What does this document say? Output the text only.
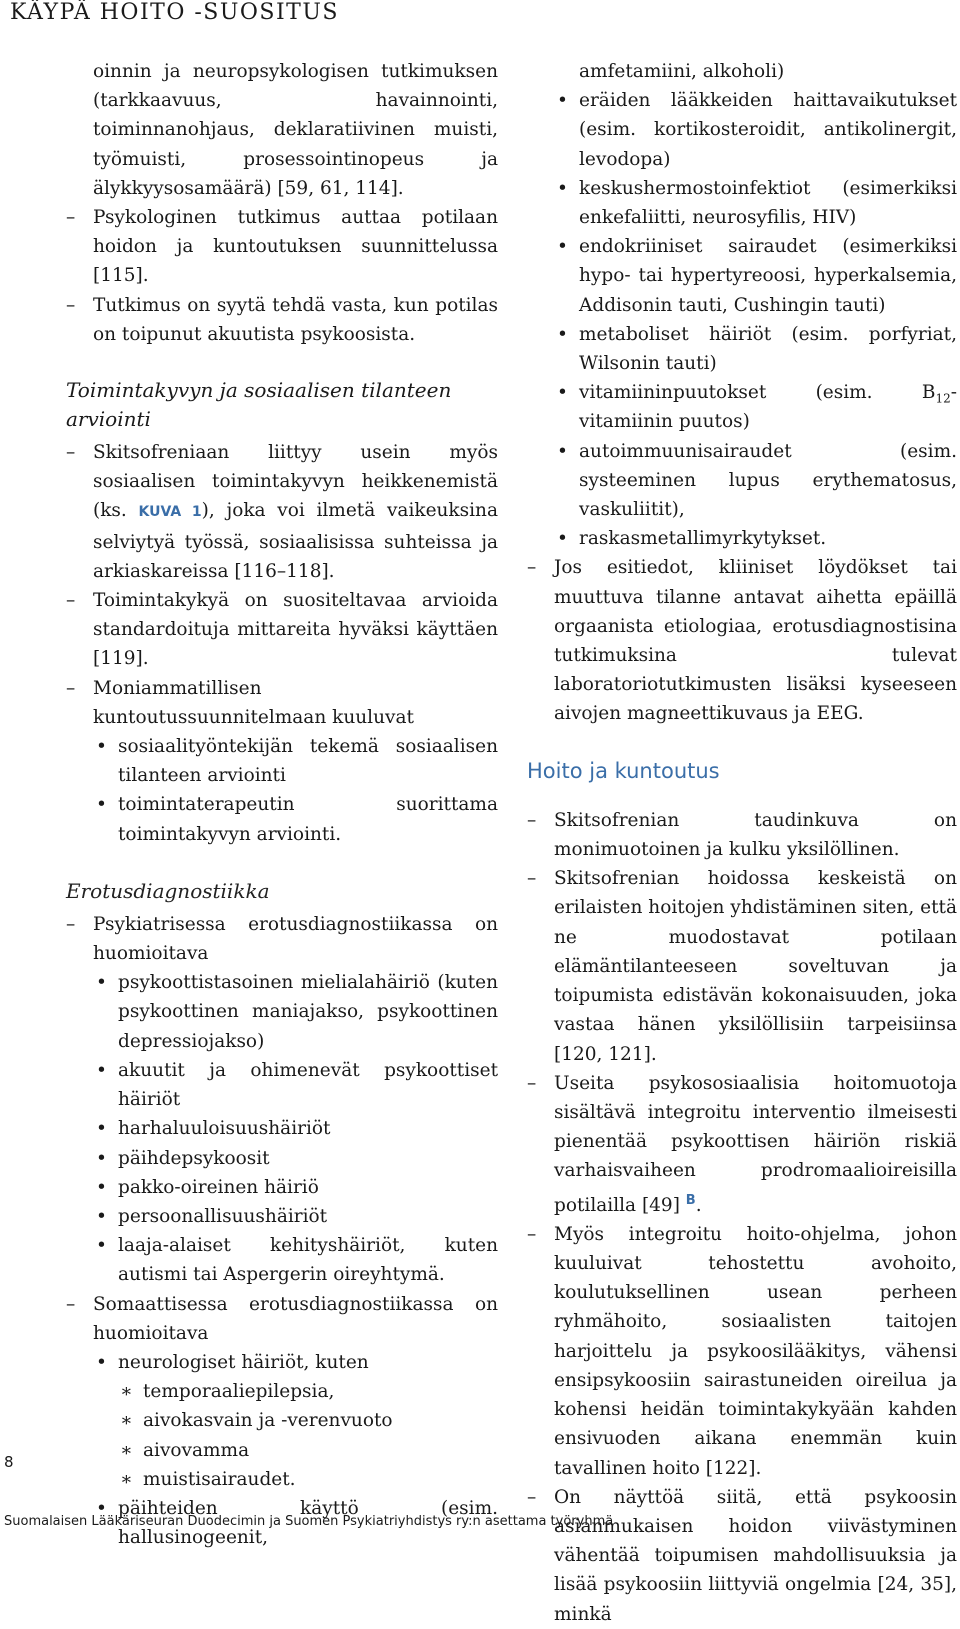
KÄYPÄ HOITO -SUOSITUS
oinnin ja neuropsykologisen tutkimuksen (tarkkaavuus, havainnointi, toiminnanohjaus, deklaratiivinen muisti, työmuisti, prosessointinopeus ja älykkyysosamäärä) [59, 61, 114].
– Psykologinen tutkimus auttaa potilaan hoidon ja kuntoutuksen suunnittelussa [115].
– Tutkimus on syytä tehdä vasta, kun potilas on toipunut akuutista psykoosista.
Toimintakyvyn ja sosiaalisen tilanteen arviointi
– Skitsofreniaan liittyy usein myös sosiaalisen toimintakyvyn heikkenemistä (ks. KUVA 1), joka voi ilmetä vaikeuksina selviytyä työssä, sosiaalisissa suhteissa ja arkiaskareissa [116–118].
– Toimintakykyä on suositeltavaa arvioida standardoituja mittareita hyväksi käyttäen [119].
– Moniammatillisen kuntoutussuunnitelmaan kuuluvat
• sosiaalityöntekijän tekemä sosiaalisen tilanteen arviointi
• toimintaterapeutin suorittama toimintakyvyn arviointi.
Erotusdiagnostiikka
– Psykiatrisessa erotusdiagnostiikassa on huomioitava
• psykoottistasoinen mielialahäiriö (kuten psykoottinen maniajakso, psykoottinen depressiojakso)
• akuutit ja ohimenevät psykoottiset häiriöt
• harhaluuloisuushäiriöt
• päihdepsykoosit
• pakko-oireinen häiriö
• persoonallisuushäiriöt
• laaja-alaiset kehityshäiriöt, kuten autismi tai Aspergerin oireyhtymä.
– Somaattisessa erotusdiagnostiikassa on huomioitava
• neurologiset häiriöt, kuten
∗ temporaaliepilepsia,
∗ aivokasvain ja -verenvuoto
∗ aivovamma
∗ muistisairaudet.
• päihteiden käyttö (esim. hallusinogeenit,
amfetamiini, alkoholi)
• eräiden lääkkeiden haittavaikutukset (esim. kortikosteroidit, antikolinergit, levodopa)
• keskushermostoinfektiot (esimerkiksi enkefaliitti, neurosyfilis, HIV)
• endokriiniset sairaudet (esimerkiksi hypo- tai hypertyreoosi, hyperkalsemia, Addisonin tauti, Cushingin tauti)
• metaboliset häiriöt (esim. porfyriat, Wilsonin tauti)
• vitamiininpuutokset (esim. $B_{12}$-vitamiinin puutos)
• autoimmuunisairaudet (esim. systeeminen lupus erythematosus, vaskuliitit),
• raskasmetallimyrkytykset.
– Jos esitiedot, kliiniset löydökset tai muuttuva tilanne antavat aihetta epäillä orgaanista etiologiaa, erotusdiagnostisina tutkimuksina tulevat laboratoriotutkimusten lisäksi kyseeseen aivojen magneettikuvaus ja EEG.
Hoito ja kuntoutus
– Skitsofrenian taudinkuva on monimuotoinen ja kulku yksilöllinen.
– Skitsofrenian hoidossa keskeistä on erilaisten hoitojen yhdistäminen siten, että ne muodostavat potilaan elämäntilanteeseen soveltuvan ja toipumista edistävän kokonaisuuden, joka vastaa hänen yksilöllisiin tarpeisiinsa [120, 121].
– Useita psykososiaalisia hoitomuotoja sisältävä integroitu interventio ilmeisesti pienentää psykoottisen häiriön riskiä varhaisvaiheen prodromaalioireisilla potilailla [49] $^B$.
– Myös integroitu hoito-ohjelma, johon kuuluivat tehostettu avohoito, koulutuksellinen usean perheen ryhmähoito, sosiaalisten taitojen harjoittelu ja psykoosilääkitys, vähensi ensipsykoosiin sairastuneiden oireilua ja kohensi heidän toimintakykyään kahden ensivuoden aikana enemmän kuin tavallinen hoito [122].
– On näyttöä siitä, että psykoosin asianmukaisen hoidon viivästyminen vähentää toipumisen mahdollisuuksia ja lisää psykoosiin liittyviä ongelmia [24, 35], minkä
8
Suomalaisen Lääkäriseuran Duodecimin ja Suomen Psykiatriyhdistys ry:n asettama työryhmä
